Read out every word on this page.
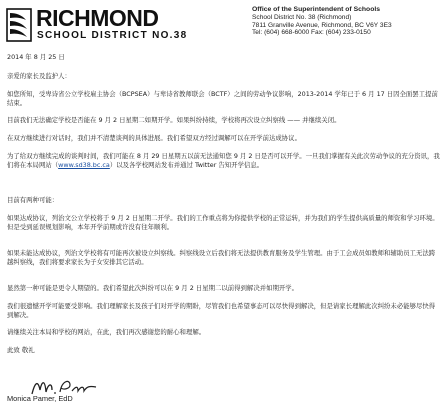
RICHMOND
SCHOOL DISTRICT NO.38
Office of the Superintendent of Schools
School District No. 38 (Richmond)
7811 Granville Avenue, Richmond, BC V6Y 3E3
Tel: (604) 668-6000 Fax: (604) 233-0150
2014 年 8 月 25 日
亲爱的家长及监护人：
如您所知，受卑诗省公立学校雇主协会（BCPSEA）与卑诗省教师联会（BCTF）之间的劳动争议影响，2013-2014 学年已于 6 月 17 日因全面罢工提前结束。
目前我们无法确定学校是否能在 9 月 2 日星期二如期开学。如果纠纷持续，学校将再次设立纠察线 —— 并继续关闭。
在双方继续进行对话时，我们并不清楚谈判的具体进展。我们希望双方经过调解可以在开学前达成协议。
为了给双方继续完成的谈判时间，我们可能在 8 月 29 日星期五以前无法通知您 9 月 2 日是否可以开学。一旦我们掌握有关此次劳动争议的充分资讯，我们将在本局网站（www.sd38.bc.ca）以及各学校网站发布并通过 Twitter 告知开学信息。
目前有两种可能：
如果达成协议，列治文公立学校将于 9 月 2 日星期二开学。我们的工作重点将为你提供学校的正常运转，并为我们的学生提供高质量的师资和学习环境。但是受到延误规划影响，本年开学前期或许没有往年顺利。
如果未能达成协议，列治文学校将有可能再次被设立纠察线。纠察线设立后我们将无法提供教育服务及学生管理。由于工会成员如教师和辅助员工无法跨越纠察线，我们将要求家长为子女安排其它活动。
显然第一种可能是更令人期望的。我们希望此次纠纷可以在 9 月 2 日星期二以前得到解决并如期开学。
我们很遗憾开学可能要受影响。我们理解家长及孩子们对开学的期盼，尽管我们也希望事态可以尽快得到解决，但是请家长理解此次纠纷未必能够尽快得到解决。
请继续关注本局和学校的网站，在此，我们再次感谢您的耐心和理解。
此致 敬礼
Monica Pamer, EdD
